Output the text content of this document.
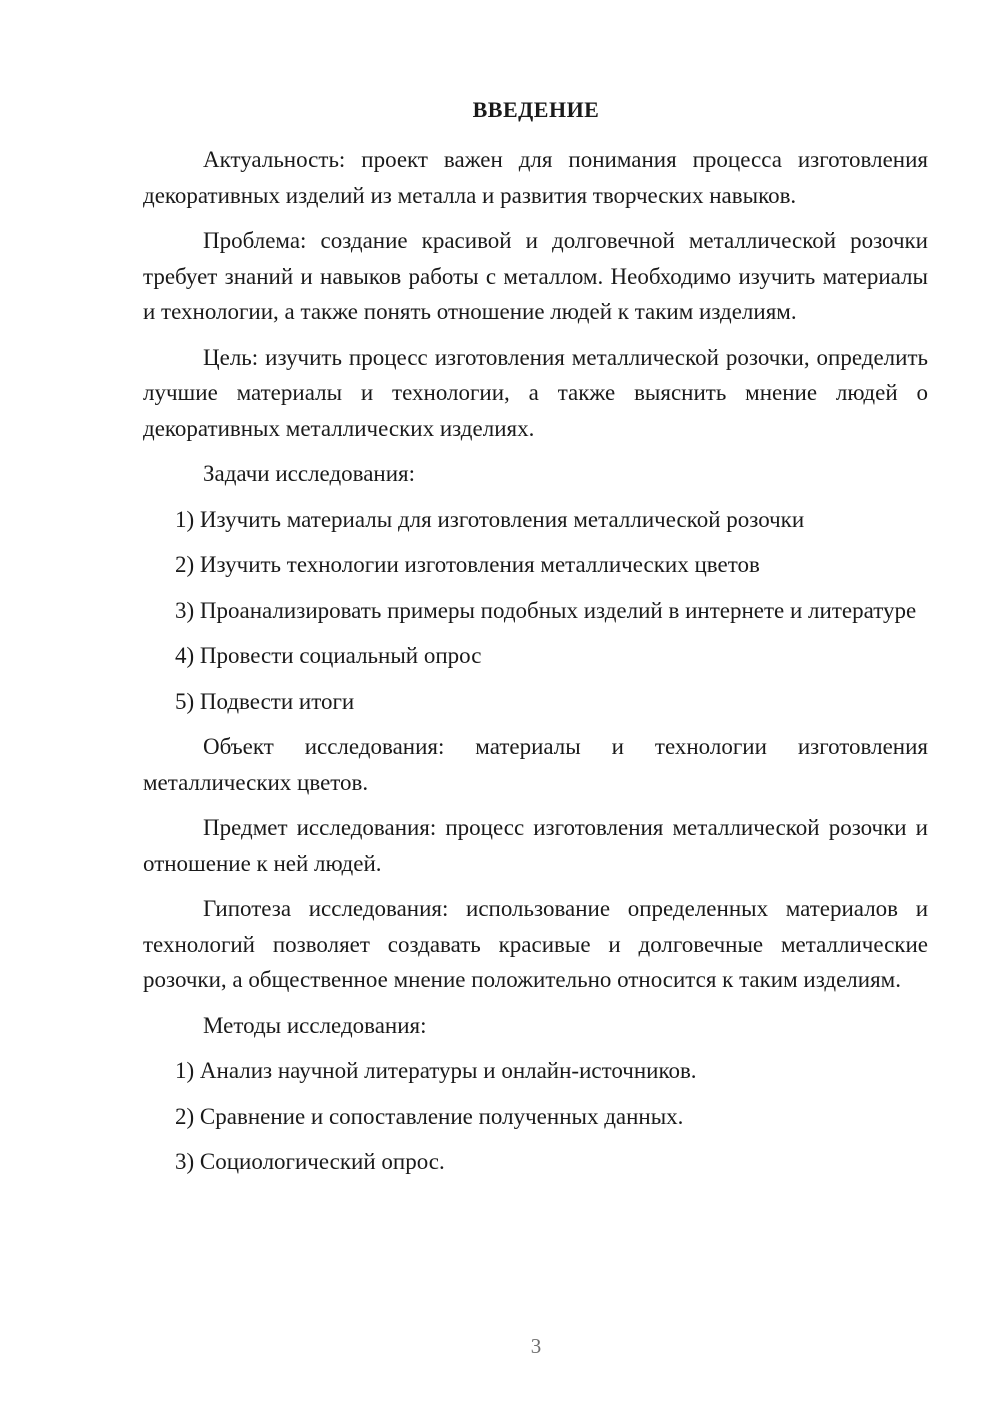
ВВЕДЕНИЕ

Актуальность: проект важен для понимания процесса изготовления декоративных изделий из металла и развития творческих навыков.

Проблема: создание красивой и долговечной металлической розочки требует знаний и навыков работы с металлом. Необходимо изучить материалы и технологии, а также понять отношение людей к таким изделиям.

Цель: изучить процесс изготовления металлической розочки, определить лучшие материалы и технологии, а также выяснить мнение людей о декоративных металлических изделиях.

Задачи исследования:

1) Изучить материалы для изготовления металлической розочки

2) Изучить технологии изготовления металлических цветов

3) Проанализировать примеры подобных изделий в интернете и литературе

4) Провести социальный опрос

5) Подвести итоги

Объект исследования: материалы и технологии изготовления металлических цветов.

Предмет исследования: процесс изготовления металлической розочки и отношение к ней людей.

Гипотеза исследования: использование определенных материалов и технологий позволяет создавать красивые и долговечные металлические розочки, а общественное мнение положительно относится к таким изделиям.

Методы исследования:

1) Анализ научной литературы и онлайн-источников.

2) Сравнение и сопоставление полученных данных.

3) Социологический опрос.

3
